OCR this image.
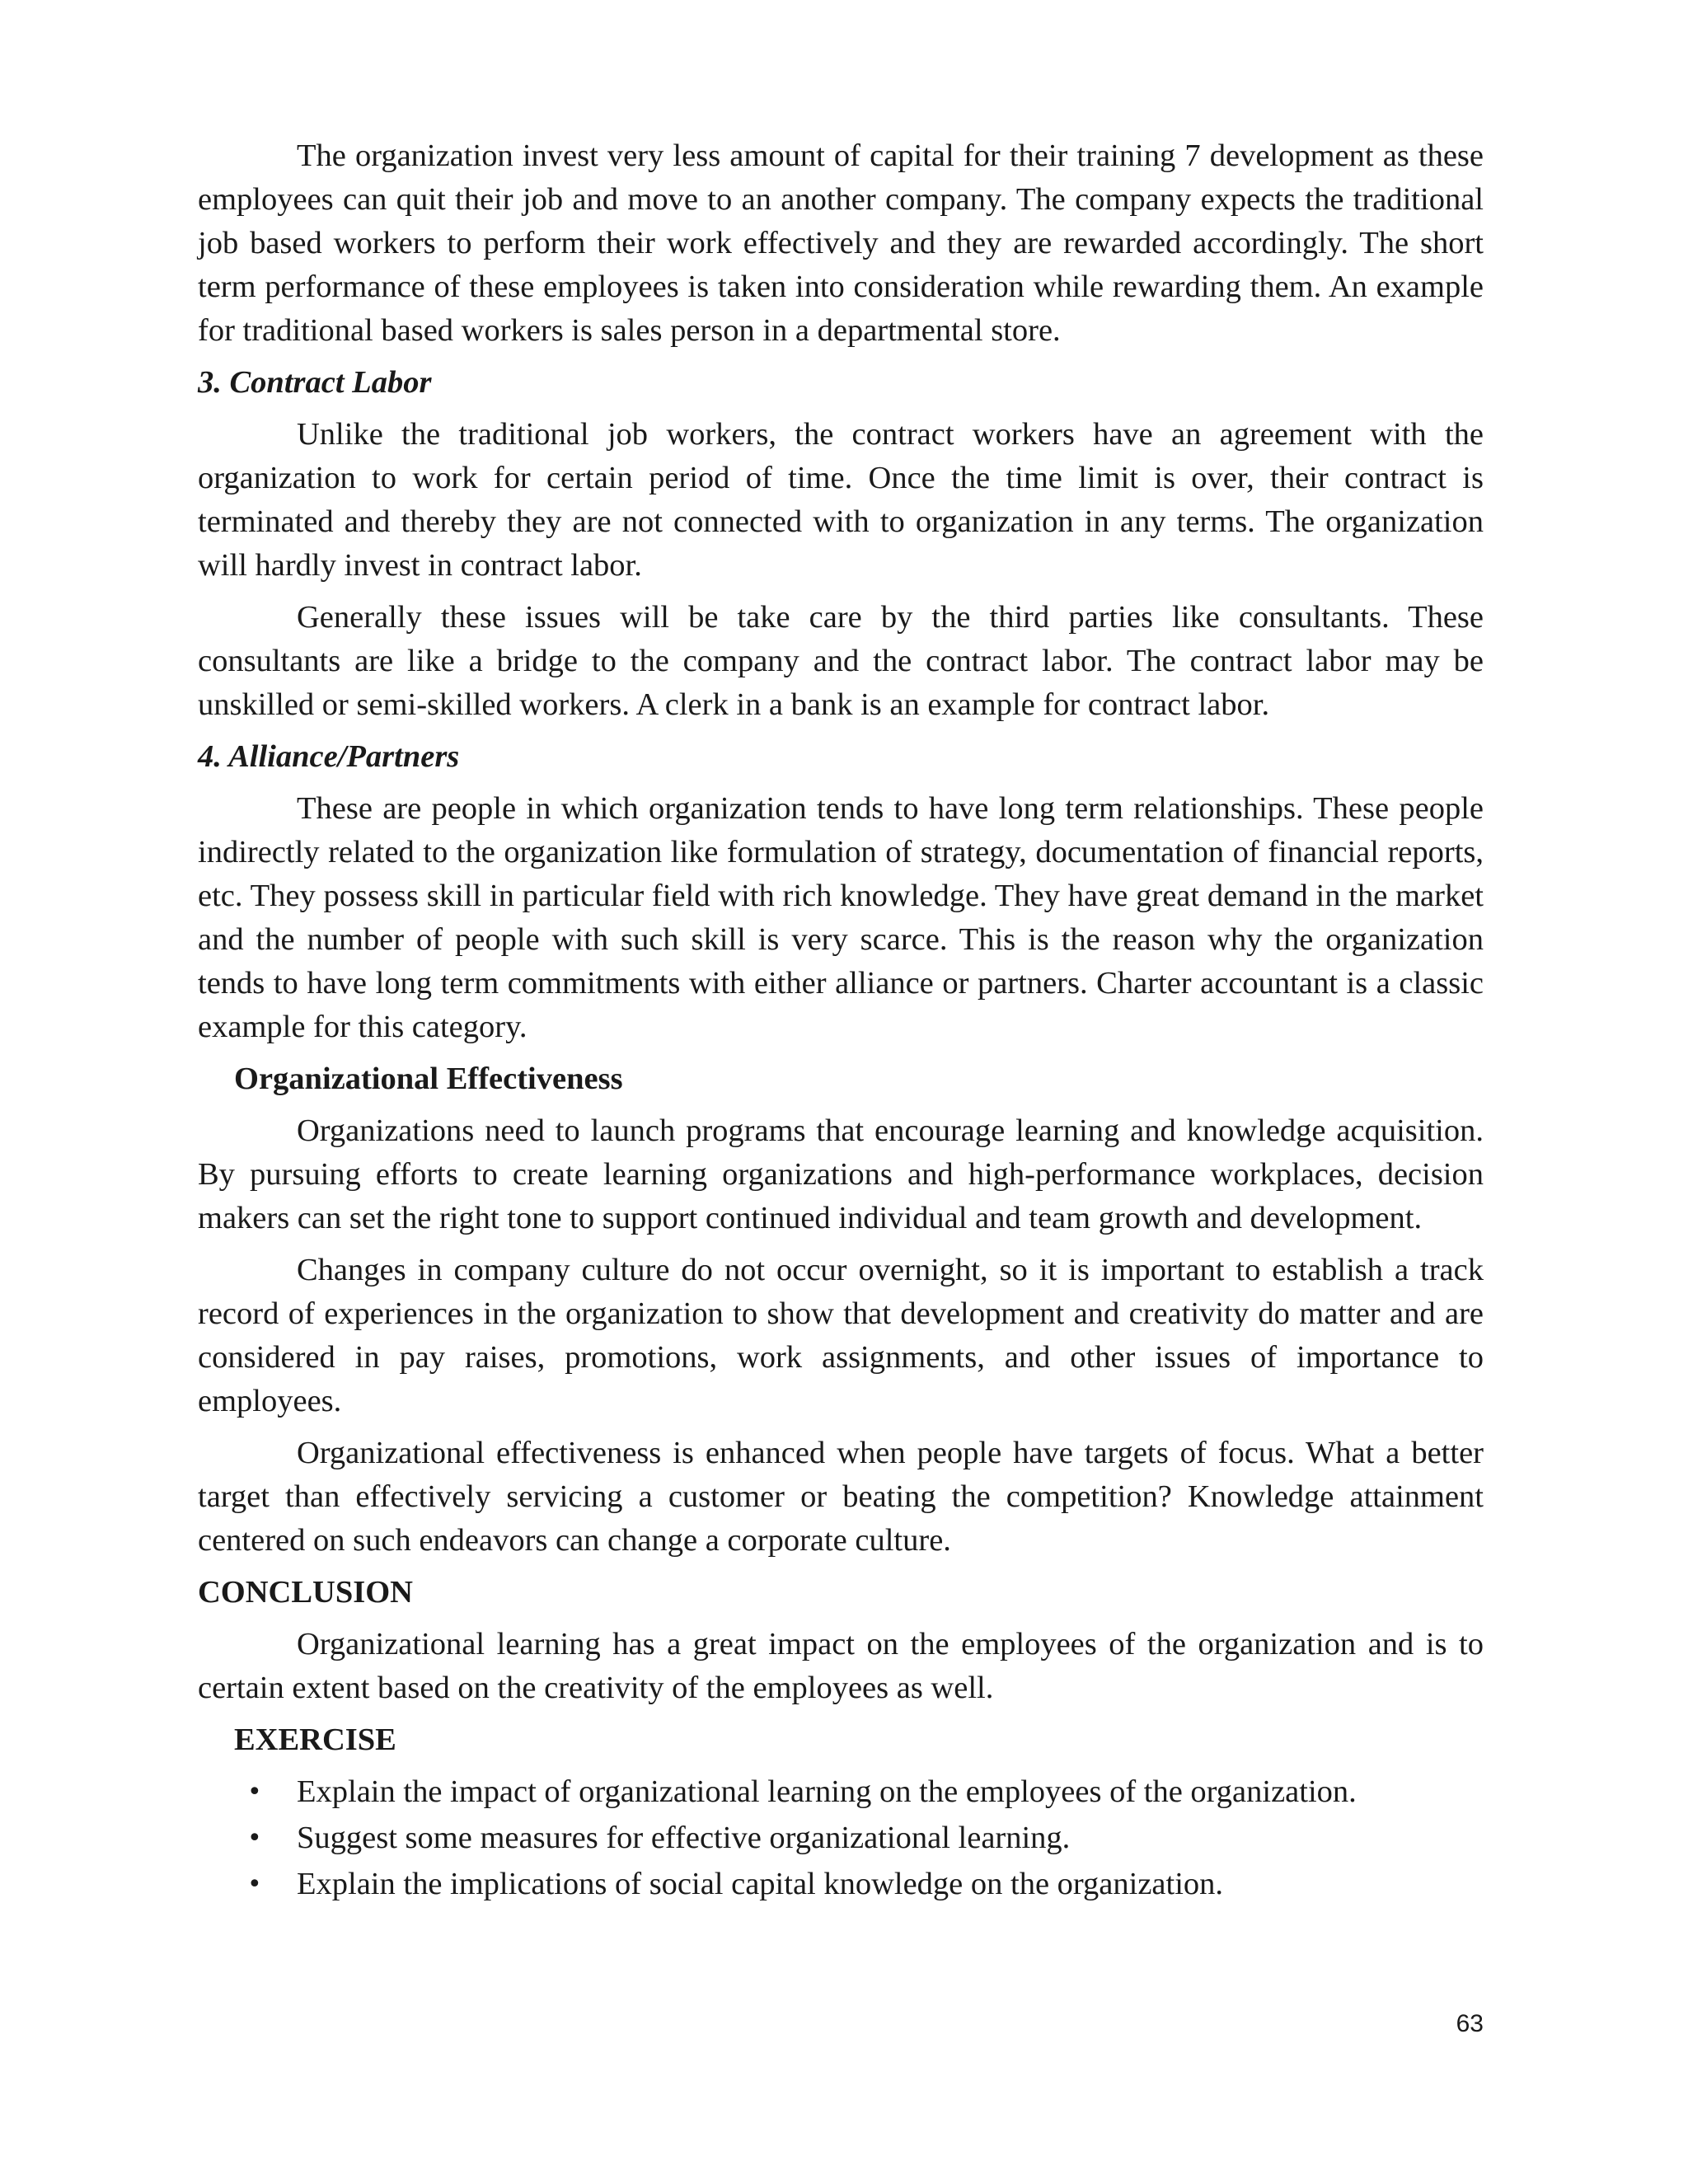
The organization invest very less amount of capital for their training 7 development as these employees can quit their job and move to an another company. The company expects the traditional job based workers to perform their work effectively and they are rewarded accordingly. The short term performance of these employees is taken into consideration while rewarding them. An example for traditional based workers is sales person in a departmental store.

3. Contract Labor

Unlike the traditional job workers, the contract workers have an agreement with the organization to work for certain period of time. Once the time limit is over, their contract is terminated and thereby they are not connected with to organization in any terms. The organization will hardly invest in contract labor.

Generally these issues will be take care by the third parties like consultants. These consultants are like a bridge to the company and the contract labor. The contract labor may be unskilled or semi-skilled workers. A clerk in a bank is an example for contract labor.

4. Alliance/Partners

These are people in which organization tends to have long term relationships. These people indirectly related to the organization like formulation of strategy, documentation of financial reports, etc. They possess skill in particular field with rich knowledge. They have great demand in the market and the number of people with such skill is very scarce. This is the reason why the organization tends to have long term commitments with either alliance or partners. Charter accountant is a classic example for this category.

Organizational Effectiveness

Organizations need to launch programs that encourage learning and knowledge acquisition. By pursuing efforts to create learning organizations and high-performance workplaces, decision makers can set the right tone to support continued individual and team growth and development.

Changes in company culture do not occur overnight, so it is important to establish a track record of experiences in the organization to show that development and creativity do matter and are considered in pay raises, promotions, work assignments, and other issues of importance to employees.

Organizational effectiveness is enhanced when people have targets of focus. What a better target than effectively servicing a customer or beating the competition? Knowledge attainment centered on such endeavors can change a corporate culture.

CONCLUSION

Organizational learning has a great impact on the employees of the organization and is to certain extent based on the creativity of the employees as well.

EXERCISE
• Explain the impact of organizational learning on the employees of the organization.
• Suggest some measures for effective organizational learning.
• Explain the implications of social capital knowledge on the organization.
63
